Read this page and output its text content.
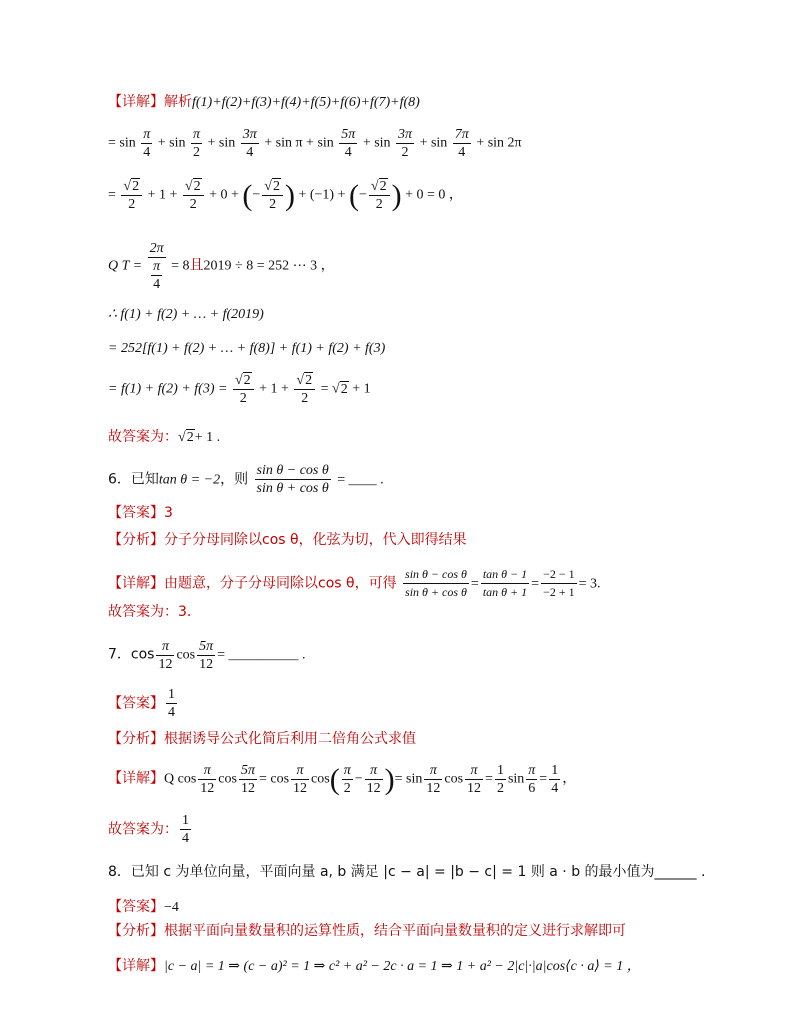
【详解】解析f(1)+f(2)+f(3)+f(4)+f(5)+f(6)+f(7)+f(8)
= $\sin \frac{\pi}{4} + \sin \frac{\pi}{2} + \sin \frac{3\pi}{4} + \sin \pi + \sin \frac{5\pi}{4} + \sin \frac{3\pi}{2} + \sin \frac{7\pi}{4} + \sin 2\pi$
= $\frac{√2}{2} + 1 + \frac{√2}{2} + 0$ + (− $\frac{√2}{2}$ ) + (−1) + (− $\frac{√2}{2}$ ) + 0 = 0 ，
Q $T = \frac{2\pi}{\frac{\pi}{4}} = 8$且2019 ÷ 8 = 252 ⋯ 3 ，
∴ f(1) + f(2) + … + f(2019)
= 252[f(1) + f(2) + … + f(8)] + f(1) + f(2) + f(3)
= $f(1) + f(2) + f(3) = \frac{√2}{2} + 1 + \frac{√2}{2} = √2 + 1$
故答案为：√2+ 1 .
6．已知tan θ = −2，则 $\frac{\text{sin θ − cos θ}}{\text{sin θ + cos θ}}$ = ____ .
【答案】3
【分析】分子分母同除以cos θ，化弦为切，代入即得结果
【详解】由题意，分子分母同除以cos θ，可得 $\frac{\text{sin θ − cos θ}}{\text{sin θ + cos θ}} = \frac{\text{tan θ − 1}}{\text{tan θ + 1}} = \frac{-2 - 1}{-2 + 1} = 3$.
故答案为：3.
7．$\cos \frac{\pi}{12}$ $\cos \frac{5\pi}{12}$ = __________ .
【答案】 $\frac{1}{4}$
【分析】根据诱导公式化简后利用二倍角公式求值
【详解】Q $\cos \frac{\pi}{12}$ $\cos \frac{5\pi}{12} = \cos \frac{\pi}{12} \cos( \frac{\pi}{2} - \frac{\pi}{12}$ )= $\sin \frac{\pi}{12}$ $\cos \frac{\pi}{12} = \frac{1}{2}$ $\sin \frac{\pi}{6} = \frac{1}{4}$ ，
故答案为： $\frac{1}{4}$
8．已知 c 为单位向量，平面向量 a, b 满足 |c − a| = |b − c| = 1 则 a · b 的最小值为______ .
【答案】−4
【分析】根据平面向量数量积的运算性质，结合平面向量数量积的定义进行求解即可
【详解】|c − a| = 1 ⇒ (c − a)² = 1 ⇒ c² + a² − 2c · a = 1 ⇒ 1 + a² − 2|c|·|a|cos⟨c · a⟩ = 1 ，
